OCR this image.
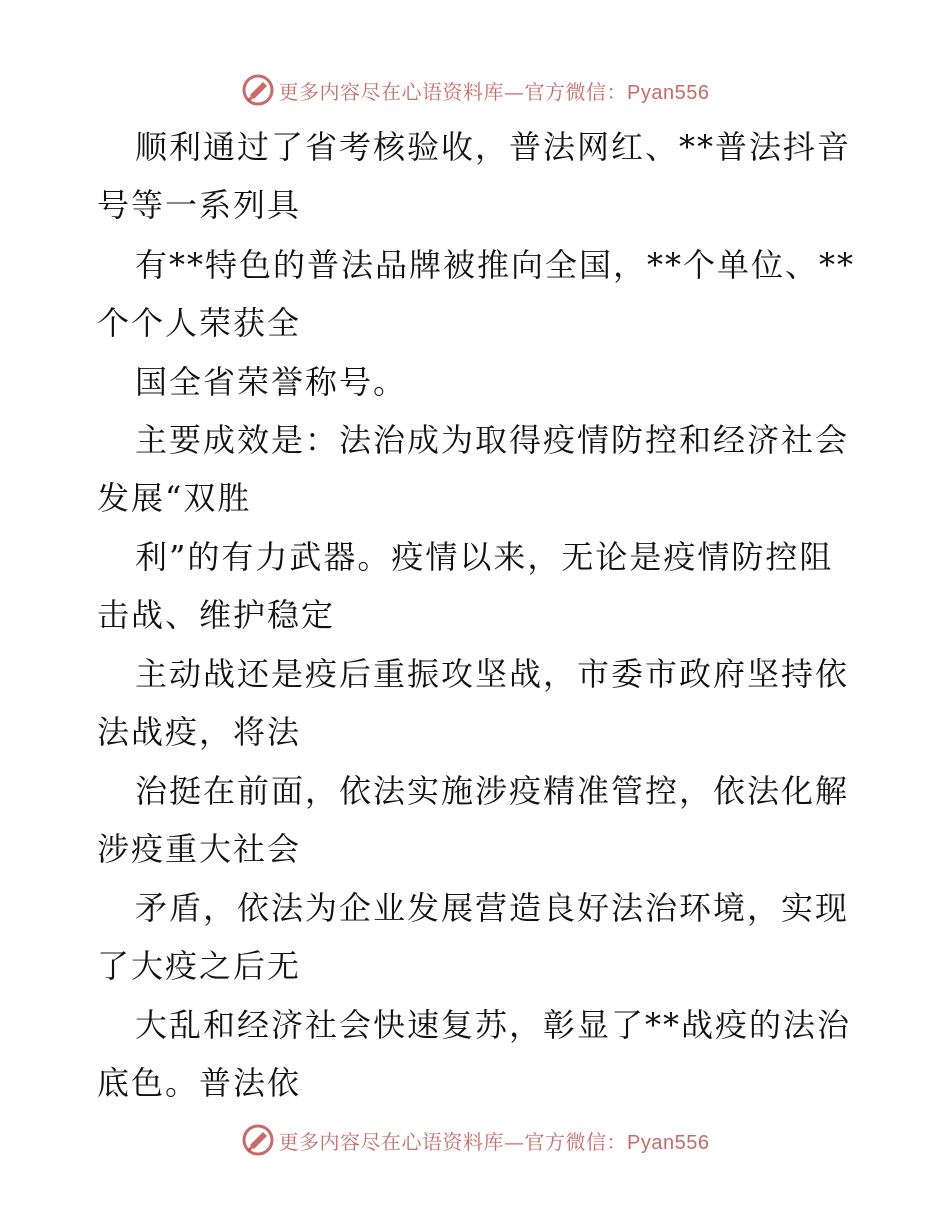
更多内容尽在心语资料库—官方微信：Pyan556
顺利通过了省考核验收，普法网红、**普法抖音
号等一系列具
有**特色的普法品牌被推向全国，**个单位、**
个个人荣获全
国全省荣誉称号。
主要成效是：法治成为取得疫情防控和经济社会
发展“双胜
利”的有力武器。疫情以来，无论是疫情防控阻
击战、维护稳定
主动战还是疫后重振攻坚战，市委市政府坚持依
法战疫，将法
治挺在前面，依法实施涉疫精准管控，依法化解
涉疫重大社会
矛盾，依法为企业发展营造良好法治环境，实现
了大疫之后无
大乱和经济社会快速复苏，彰显了**战疫的法治
底色。普法依
更多内容尽在心语资料库—官方微信：Pyan556
